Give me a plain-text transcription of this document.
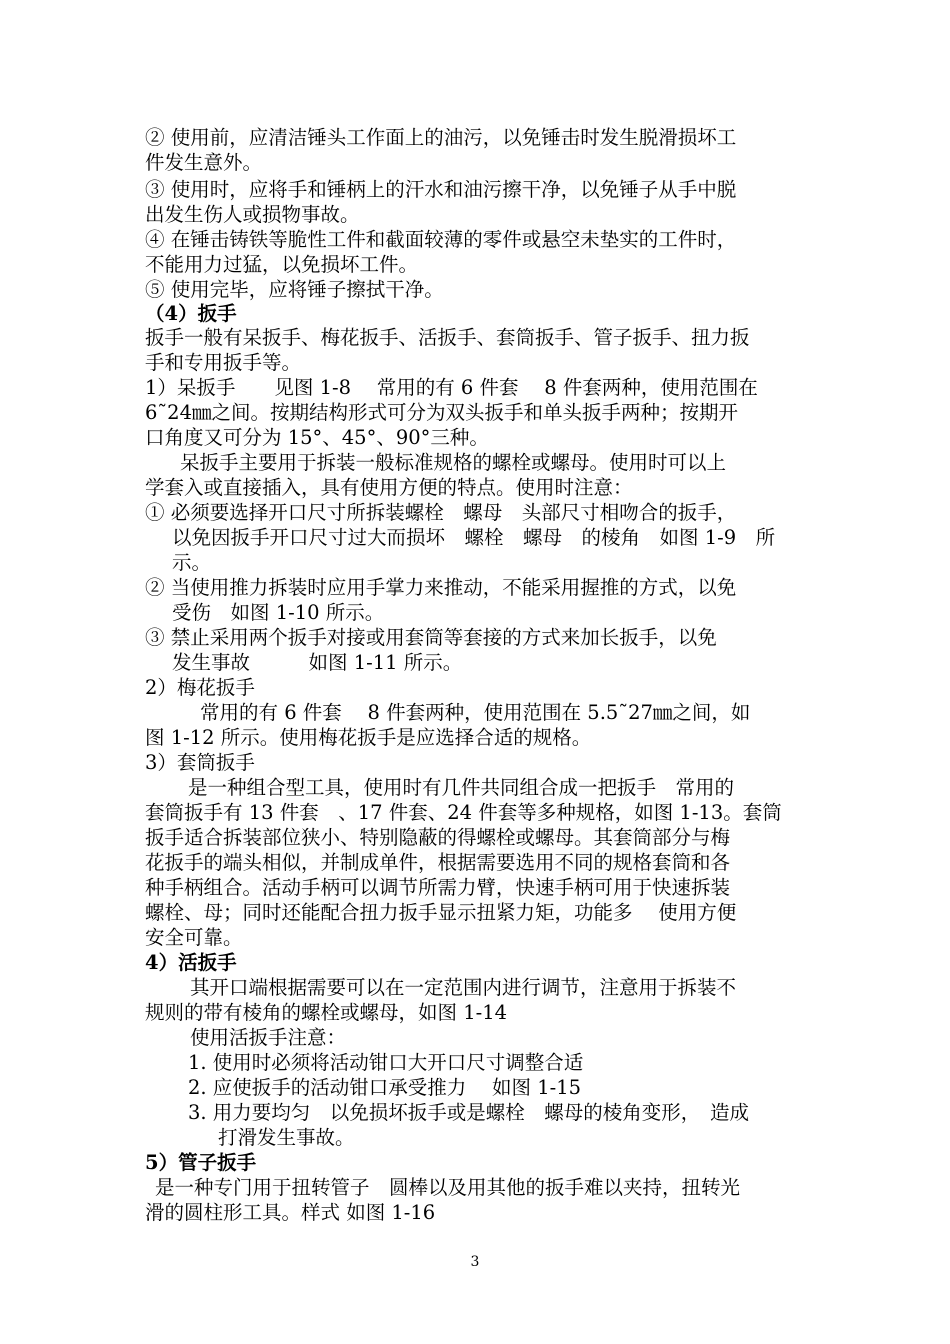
② 使用前，应清洁锤头工作面上的油污，以免锤击时发生脱滑损坏工
件发生意外。
③ 使用时，应将手和锤柄上的汗水和油污擦干净，以免锤子从手中脱
出发生伤人或损物事故。
④ 在锤击铸铁等脆性工件和截面较薄的零件或悬空未垫实的工件时，
不能用力过猛，以免损坏工件。
⑤ 使用完毕，应将锤子擦拭干净。
（4）扳手
扳手一般有呆扳手、梅花扳手、活扳手、套筒扳手、管子扳手、扭力扳
手和专用扳手等。
1）呆扳手　　见图 1-8　 常用的有 6 件套　 8 件套两种，使用范围在
6˜24㎜之间。按期结构形式可分为双头扳手和单头扳手两种；按期开
口角度又可分为 15°、45°、90°三种。
呆扳手主要用于拆装一般标准规格的螺栓或螺母。使用时可以上
学套入或直接插入，具有使用方便的特点。使用时注意：
① 必须要选择开口尺寸所拆装螺栓　螺母　头部尺寸相吻合的扳手，
以免因扳手开口尺寸过大而损坏　螺栓　螺母　的棱角　如图 1-9　所
示。
② 当使用推力拆装时应用手掌力来推动，不能采用握推的方式，以免
受伤　如图 1-10 所示。
③ 禁止采用两个扳手对接或用套筒等套接的方式来加长扳手，以免
发生事故　　　如图 1-11 所示。
2）梅花扳手
常用的有 6 件套　 8 件套两种，使用范围在 5.5˜27㎜之间，如
图 1-12 所示。使用梅花扳手是应选择合适的规格。
3）套筒扳手
是一种组合型工具，使用时有几件共同组合成一把扳手　常用的
套筒扳手有 13 件套　、17 件套、24 件套等多种规格，如图 1-13。套筒
扳手适合拆装部位狭小、特别隐蔽的得螺栓或螺母。其套筒部分与梅
花扳手的端头相似，并制成单件，根据需要选用不同的规格套筒和各
种手柄组合。活动手柄可以调节所需力臂，快速手柄可用于快速拆装
螺栓、母；同时还能配合扭力扳手显示扭紧力矩，功能多　 使用方便
安全可靠。
4）活扳手
其开口端根据需要可以在一定范围内进行调节，注意用于拆装不
规则的带有棱角的螺栓或螺母，如图 1-14
使用活扳手注意：
1. 使用时必须将活动钳口大开口尺寸调整合适
2. 应使扳手的活动钳口承受推力　 如图 1-15
3. 用力要均匀　以免损坏扳手或是螺栓　螺母的棱角变形，　造成
打滑发生事故。
5）管子扳手
是一种专门用于扭转管子　圆棒以及用其他的扳手难以夹持，扭转光
滑的圆柱形工具。样式 如图 1-16
3
